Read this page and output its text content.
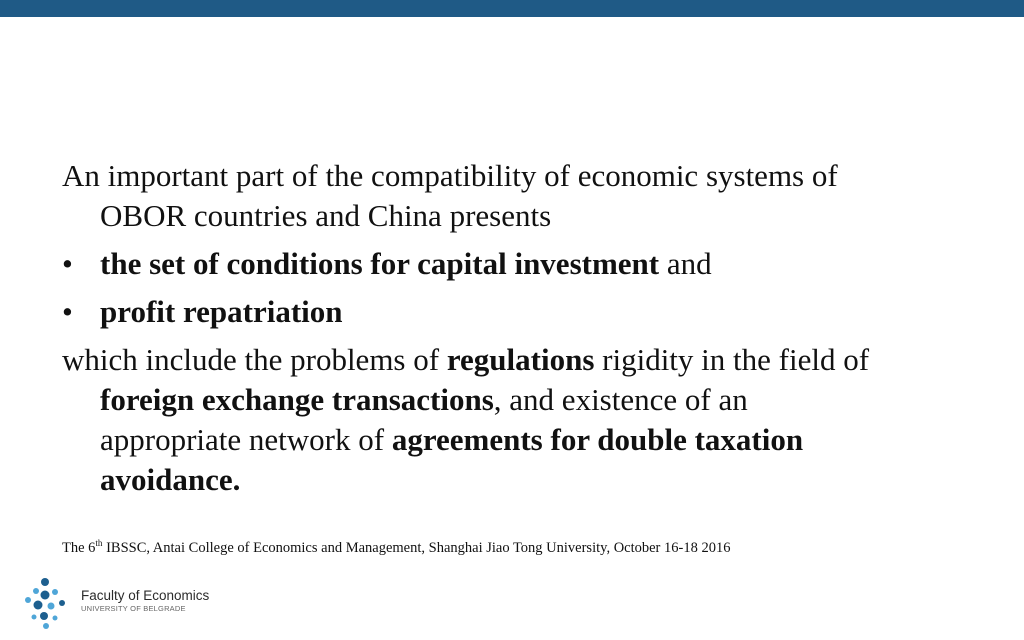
An important part of the compatibility of economic systems of
OBOR countries and China presents
• the set of conditions for capital investment and
• profit repatriation
which include the problems of regulations rigidity in the field of
foreign exchange transactions, and existence of an
appropriate network of agreements for double taxation
avoidance.
The 6th IBSSC, Antai College of Economics and Management, Shanghai Jiao Tong University, October 16-18 2016
Faculty of Economics
UNIVERSITY OF BELGRADE
